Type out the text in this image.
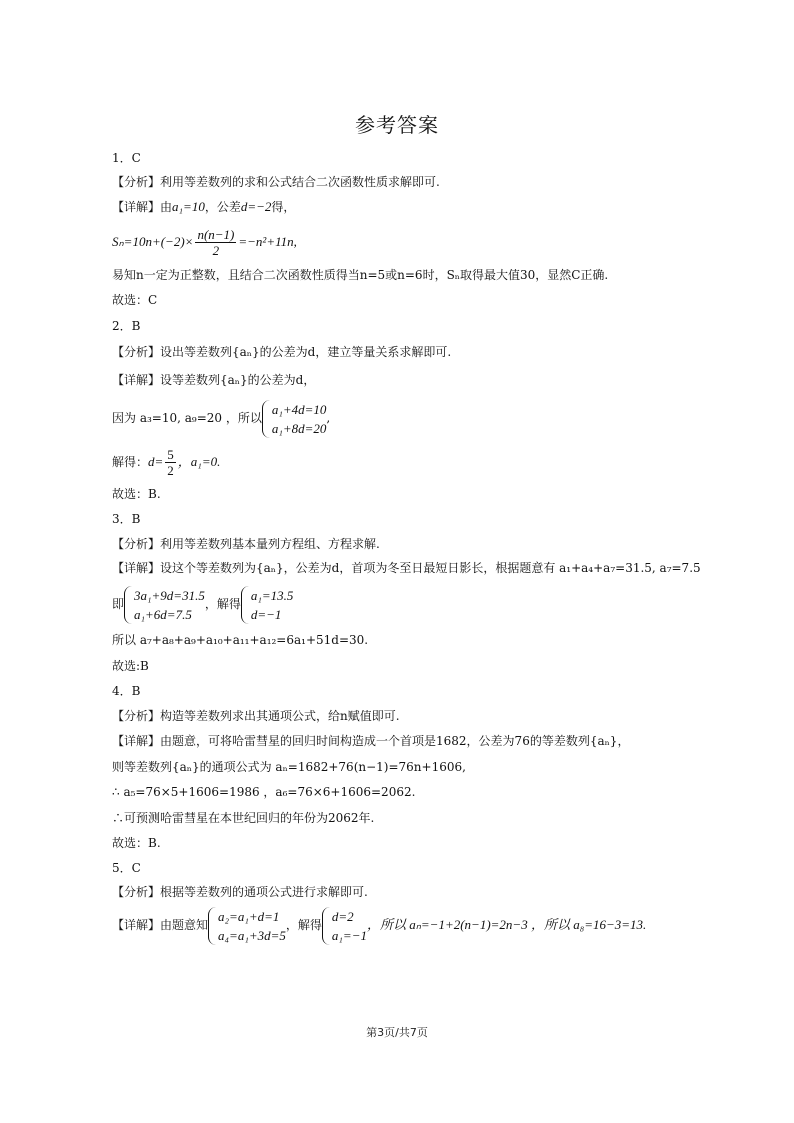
参考答案
1．C
【分析】利用等差数列的求和公式结合二次函数性质求解即可.
【详解】由a₁=10，公差d=−2得，
$S_n=10n+(-2)\times \frac{n(n-1)}{2} =-n^2+11n$,
易知n一定为正整数，且结合二次函数性质得当n=5或n=6时，Sₙ取得最大值30，显然C正确.
故选：C
2．B
【分析】设出等差数列{aₙ}的公差为d，建立等量关系求解即可.
【详解】设等差数列{aₙ}的公差为d，
因为 a₃=10, a₉=20 ，所以
a₁+4d=10
a₁+8d=20
,
解得：$d= \frac{5}{2}$ ，a₁=0.
故选：B.
3．B
【分析】利用等差数列基本量列方程组、方程求解.
【详解】设这个等差数列为{aₙ}，公差为d，首项为冬至日最短日影长，根据题意有 a₁+a₄+a₇=31.5, a₇=7.5
即
3a₁+9d=31.5
a₁+6d=7.5
，解得
a₁=13.5
d=−1
所以 a₇+a₈+a₉+a₁₀+a₁₁+a₁₂=6a₁+51d=30.
故选:B
4．B
【分析】构造等差数列求出其通项公式，给n赋值即可.
【详解】由题意，可将哈雷彗星的回归时间构造成一个首项是1682，公差为76的等差数列{aₙ}，
则等差数列{aₙ}的通项公式为 aₙ=1682+76(n−1)=76n+1606,
∴ a₅=76×5+1606=1986 ，a₆=76×6+1606=2062.
∴可预测哈雷彗星在本世纪回归的年份为2062年.
故选：B.
5．C
【分析】根据等差数列的通项公式进行求解即可.
【详解】由题意知
a₂=a₁+d=1
a₄=a₁+3d=5
，解得
d=2
a₁=−1
，所以 aₙ=−1+2(n−1)=2n−3 ，所以 a₈=16−3=13.
第3页/共7页
